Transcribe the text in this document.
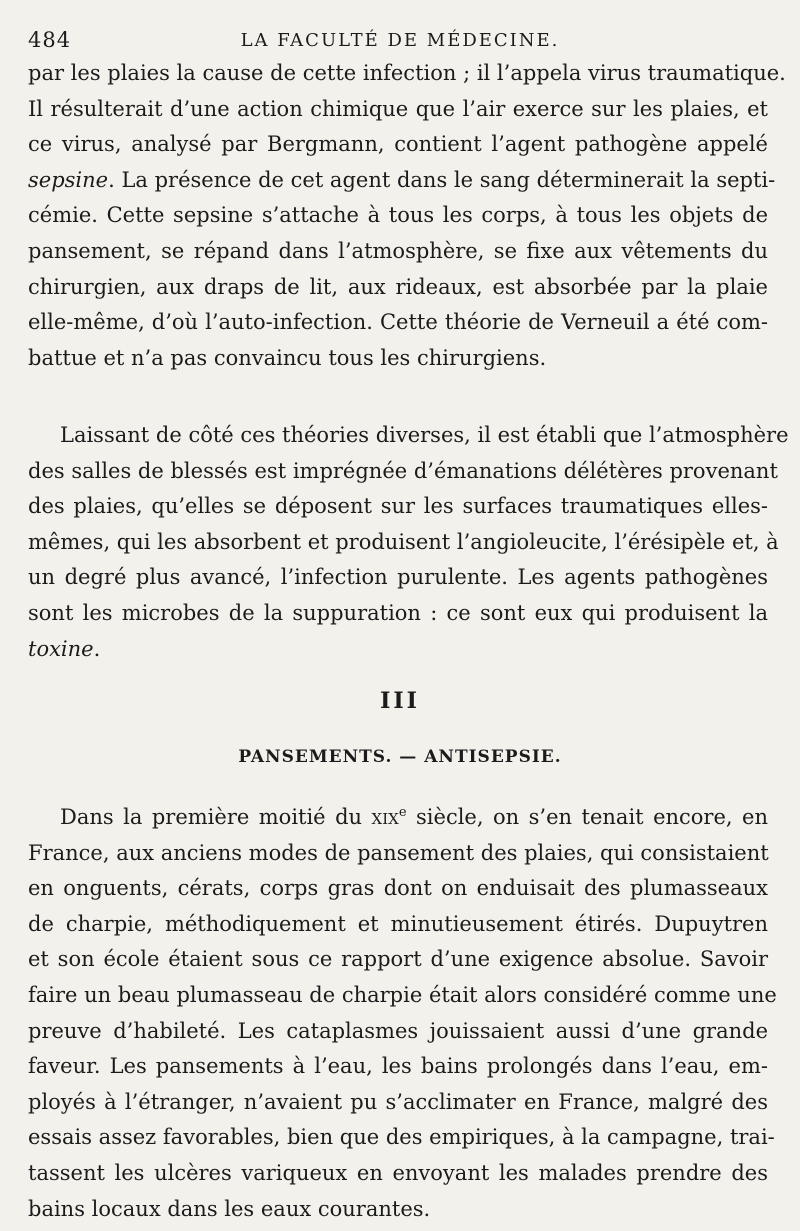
484	LA FACULTÉ DE MÉDECINE.
par les plaies la cause de cette infection ; il l’appela virus traumatique.
Il résulterait d’une action chimique que l’air exerce sur les plaies, et
ce virus, analysé par Bergmann, contient l’agent pathogène appelé
sepsine. La présence de cet agent dans le sang déterminerait la septi-
cémie. Cette sepsine s’attache à tous les corps, à tous les objets de
pansement, se répand dans l’atmosphère, se fixe aux vêtements du
chirurgien, aux draps de lit, aux rideaux, est absorbée par la plaie
elle-même, d’où l’auto-infection. Cette théorie de Verneuil a été com-
battue et n’a pas convaincu tous les chirurgiens.
Laissant de côté ces théories diverses, il est établi que l’atmosphère
des salles de blessés est imprégnée d’émanations délétères provenant
des plaies, qu’elles se déposent sur les surfaces traumatiques elles-
mêmes, qui les absorbent et produisent l’angioleucite, l’érésipèle et, à
un degré plus avancé, l’infection purulente. Les agents pathogènes
sont les microbes de la suppuration : ce sont eux qui produisent la
toxine.
III
PANSEMENTS. — ANTISEPSIE.
Dans la première moitié du xix$^e$ siècle, on s’en tenait encore, en
France, aux anciens modes de pansement des plaies, qui consistaient
en onguents, cérats, corps gras dont on enduisait des plumasseaux
de charpie, méthodiquement et minutieusement étirés. Dupuytren
et son école étaient sous ce rapport d’une exigence absolue. Savoir
faire un beau plumasseau de charpie était alors considéré comme une
preuve d’habileté. Les cataplasmes jouissaient aussi d’une grande
faveur. Les pansements à l’eau, les bains prolongés dans l’eau, em-
ployés à l’étranger, n’avaient pu s’acclimater en France, malgré des
essais assez favorables, bien que des empiriques, à la campagne, trai-
tassent les ulcères variqueux en envoyant les malades prendre des
bains locaux dans les eaux courantes.
